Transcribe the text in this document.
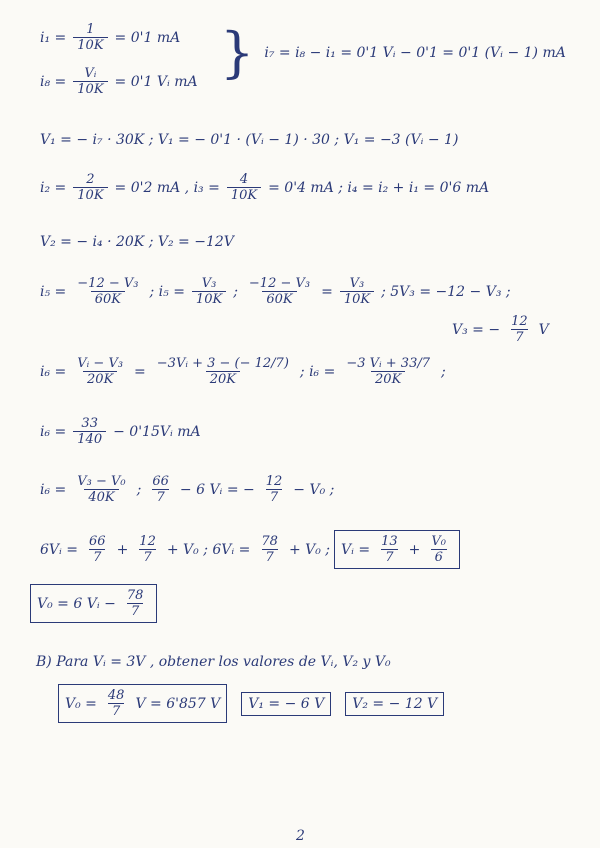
$i_1 = \frac{1}{10K} = 0'1$ mA
$i_8 = \frac{\text{Vᵢ}}{10K} = 0'1$ Vᵢ mA } i₇ = i₈ − i₁ = 0'1 Vᵢ − 0'1 = 0'1 (Vᵢ − 1) mA
V₁ = − i₇ · 30K ; V₁ = − 0'1 · (Vᵢ − 1) · 30 ; V₁ = −3 (Vᵢ − 1)
$i_2 = \frac{2}{10K} = 0'2$ mA , $i_3 = \frac{4}{10K} = 0'4$ mA ; i₄ = i₂ + i₁ = 0'6 mA
V₂ = − i₄ · 20K ; V₂ = −12V
$i_5 = \frac{\text{−12 − V₃}}{60K}$ ; $i_5 = \frac{\text{V₃}}{10K}$ ; $\frac{\text{−12 − V₃}}{60K} = \frac{\text{V₃}}{10K}$ ; 5V₃ = −12 − V₃ ;
V₃ = − $\frac{12}{7}$ V
$i_6 = \frac{\text{Vᵢ − V₃}}{20K} = \frac{\text{−3Vᵢ + 3 − (− 12/7)}}{20K}$ ; $i_6 = \frac{\text{−3 Vᵢ + 33/7}}{20K}$ ;
$i_6 = \frac{33}{140}$ − 0'15Vᵢ mA
$i_6 = \frac{\text{V₃ − V₀}}{40K}$ ; $\frac{66}{7} - 6$ Vᵢ = − $\frac{12}{7} - V_0$ ;
6Vᵢ = $\frac{66}{7} + \frac{12}{7} + V_0$ ; 6Vᵢ = $\frac{78}{7} + V_0$ ; Vᵢ = $\frac{13}{7} + \frac{\text{V₀}}{6}$
V₀ = 6 Vᵢ − $\frac{78}{7}$
B) Para Vᵢ = 3V , obtener los valores de Vᵢ, V₂ y V₀
$V_0 = \frac{48}{7}$ V = 6'857 V	V₁ = − 6 V	V₂ = − 12 V
2
